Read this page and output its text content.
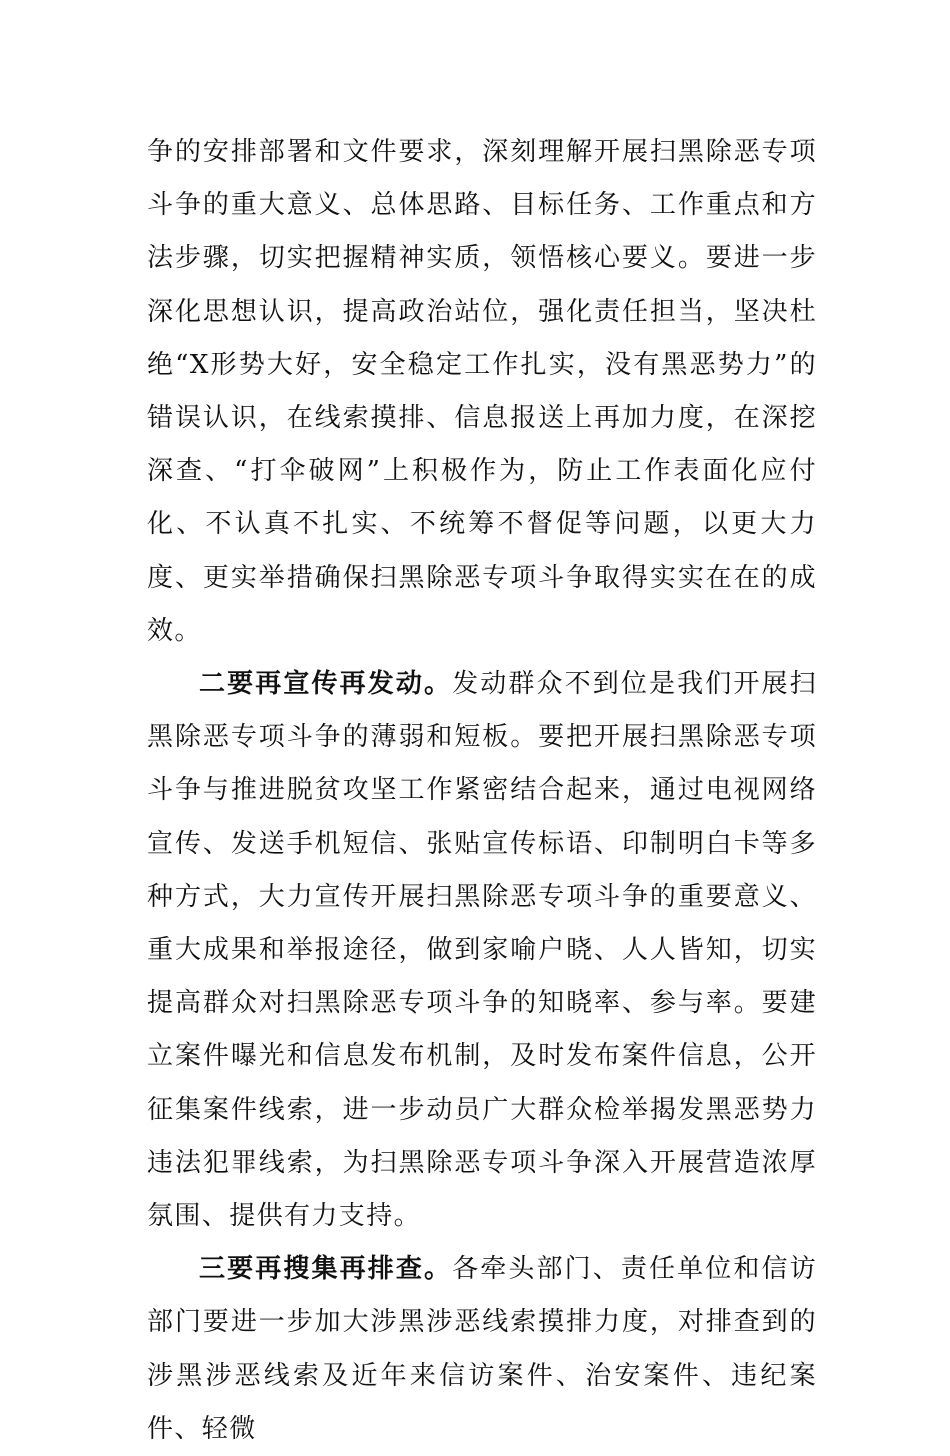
争的安排部署和文件要求，深刻理解开展扫黑除恶专项斗争的重大意义、总体思路、目标任务、工作重点和方法步骤，切实把握精神实质，领悟核心要义。要进一步深化思想认识，提高政治站位，强化责任担当，坚决杜绝“X形势大好，安全稳定工作扎实，没有黑恶势力”的错误认识，在线索摸排、信息报送上再加力度，在深挖深查、“打伞破网”上积极作为，防止工作表面化应付化、不认真不扎实、不统筹不督促等问题，以更大力度、更实举措确保扫黑除恶专项斗争取得实实在在的成效。

二要再宣传再发动。发动群众不到位是我们开展扫黑除恶专项斗争的薄弱和短板。要把开展扫黑除恶专项斗争与推进脱贫攻坚工作紧密结合起来，通过电视网络宣传、发送手机短信、张贴宣传标语、印制明白卡等多种方式，大力宣传开展扫黑除恶专项斗争的重要意义、重大成果和举报途径，做到家喻户晓、人人皆知，切实提高群众对扫黑除恶专项斗争的知晓率、参与率。要建立案件曝光和信息发布机制，及时发布案件信息，公开征集案件线索，进一步动员广大群众检举揭发黑恶势力违法犯罪线索，为扫黑除恶专项斗争深入开展营造浓厚氛围、提供有力支持。

三要再搜集再排查。各牵头部门、责任单位和信访部门要进一步加大涉黑涉恶线索摸排力度，对排查到的涉黑涉恶线索及近年来信访案件、治安案件、违纪案件、轻微
